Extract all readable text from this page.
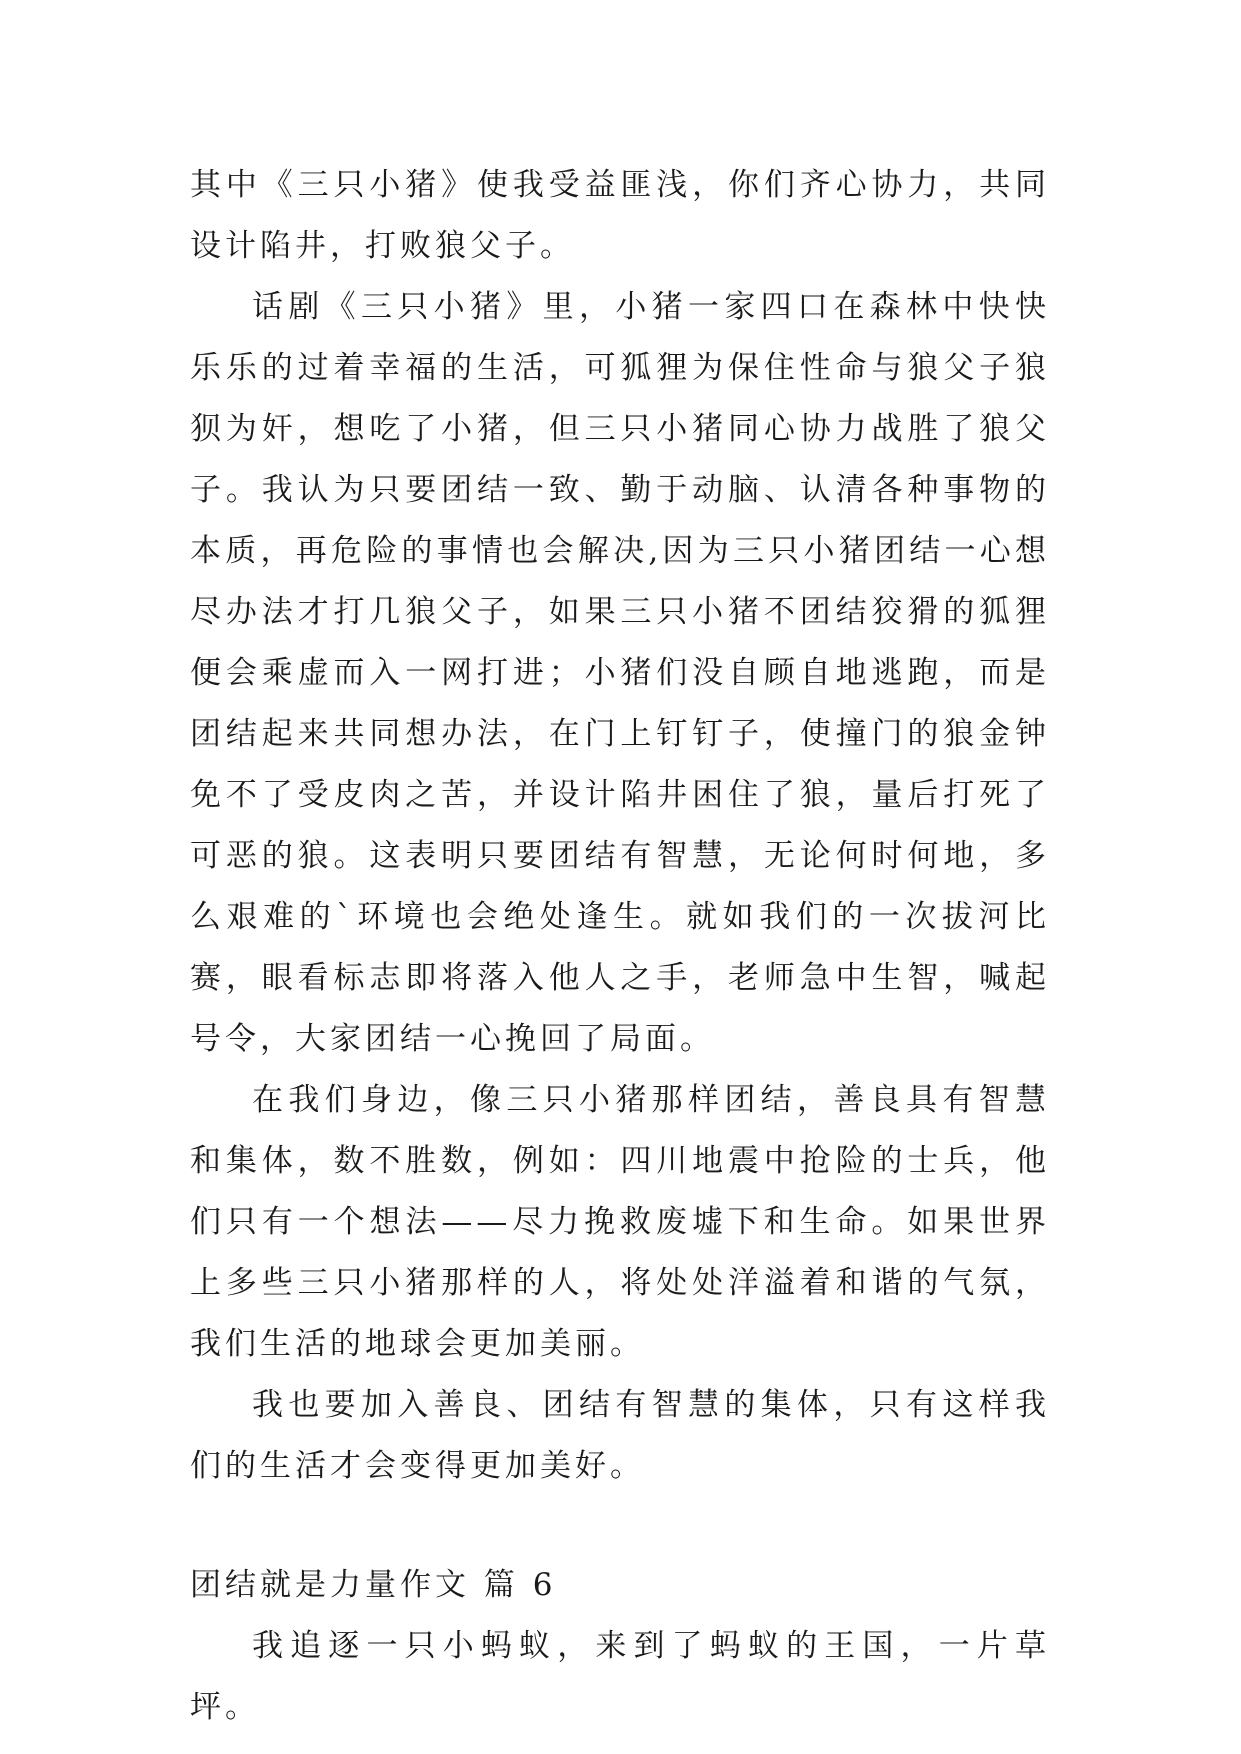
其中《三只小猪》使我受益匪浅，你们齐心协力，共同设计陷井，打败狼父子。

话剧《三只小猪》里，小猪一家四口在森林中快快乐乐的过着幸福的生活，可狐狸为保住性命与狼父子狼狈为奸，想吃了小猪，但三只小猪同心协力战胜了狼父子。我认为只要团结一致、勤于动脑、认清各种事物的本质，再危险的事情也会解决,因为三只小猪团结一心想尽办法才打几狼父子，如果三只小猪不团结狡猾的狐狸便会乘虚而入一网打进；小猪们没自顾自地逃跑，而是团结起来共同想办法，在门上钉钉子，使撞门的狼金钟免不了受皮肉之苦，并设计陷井困住了狼，量后打死了可恶的狼。这表明只要团结有智慧，无论何时何地，多么艰难的`环境也会绝处逢生。就如我们的一次拔河比赛，眼看标志即将落入他人之手，老师急中生智，喊起号令，大家团结一心挽回了局面。

在我们身边，像三只小猪那样团结，善良具有智慧和集体，数不胜数，例如：四川地震中抢险的士兵，他们只有一个想法——尽力挽救废墟下和生命。如果世界上多些三只小猪那样的人，将处处洋溢着和谐的气氛，我们生活的地球会更加美丽。

我也要加入善良、团结有智慧的集体，只有这样我们的生活才会变得更加美好。

团结就是力量作文 篇 6

我追逐一只小蚂蚁，来到了蚂蚁的王国，一片草坪。
